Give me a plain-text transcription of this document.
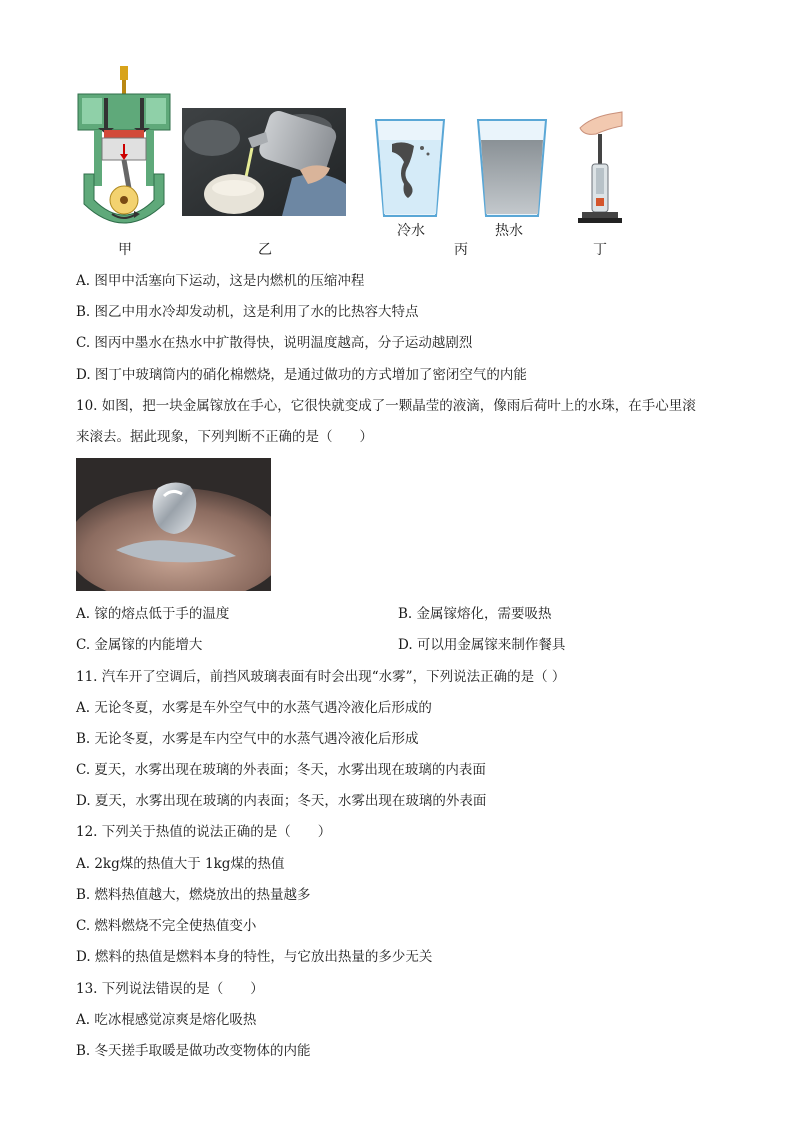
冷水	热水
甲	乙	丙	丁
A. 图甲中活塞向下运动，这是内燃机的压缩冲程
B. 图乙中用水冷却发动机，这是利用了水的比热容大特点
C. 图丙中墨水在热水中扩散得快，说明温度越高，分子运动越剧烈
D. 图丁中玻璃筒内的硝化棉燃烧，是通过做功的方式增加了密闭空气的内能
10. 如图，把一块金属镓放在手心，它很快就变成了一颗晶莹的液滴，像雨后荷叶上的水珠，在手心里滚
来滚去。据此现象，下列判断不正确的是（　　）
A. 镓的熔点低于手的温度	B. 金属镓熔化，需要吸热
C. 金属镓的内能增大	D. 可以用金属镓来制作餐具
11. 汽车开了空调后，前挡风玻璃表面有时会出现“水雾”，下列说法正确的是（ ）
A. 无论冬夏，水雾是车外空气中的水蒸气遇冷液化后形成的
B. 无论冬夏，水雾是车内空气中的水蒸气遇冷液化后形成
C. 夏天，水雾出现在玻璃的外表面；冬天，水雾出现在玻璃的内表面
D. 夏天，水雾出现在玻璃的内表面；冬天，水雾出现在玻璃的外表面
12. 下列关于热值的说法正确的是（　　）
A. 2kg煤的热值大于 1kg煤的热值
B. 燃料热值越大，燃烧放出的热量越多
C. 燃料燃烧不完全使热值变小
D. 燃料的热值是燃料本身的特性，与它放出热量的多少无关
13. 下列说法错误的是（　　）
A. 吃冰棍感觉凉爽是熔化吸热
B. 冬天搓手取暖是做功改变物体的内能
